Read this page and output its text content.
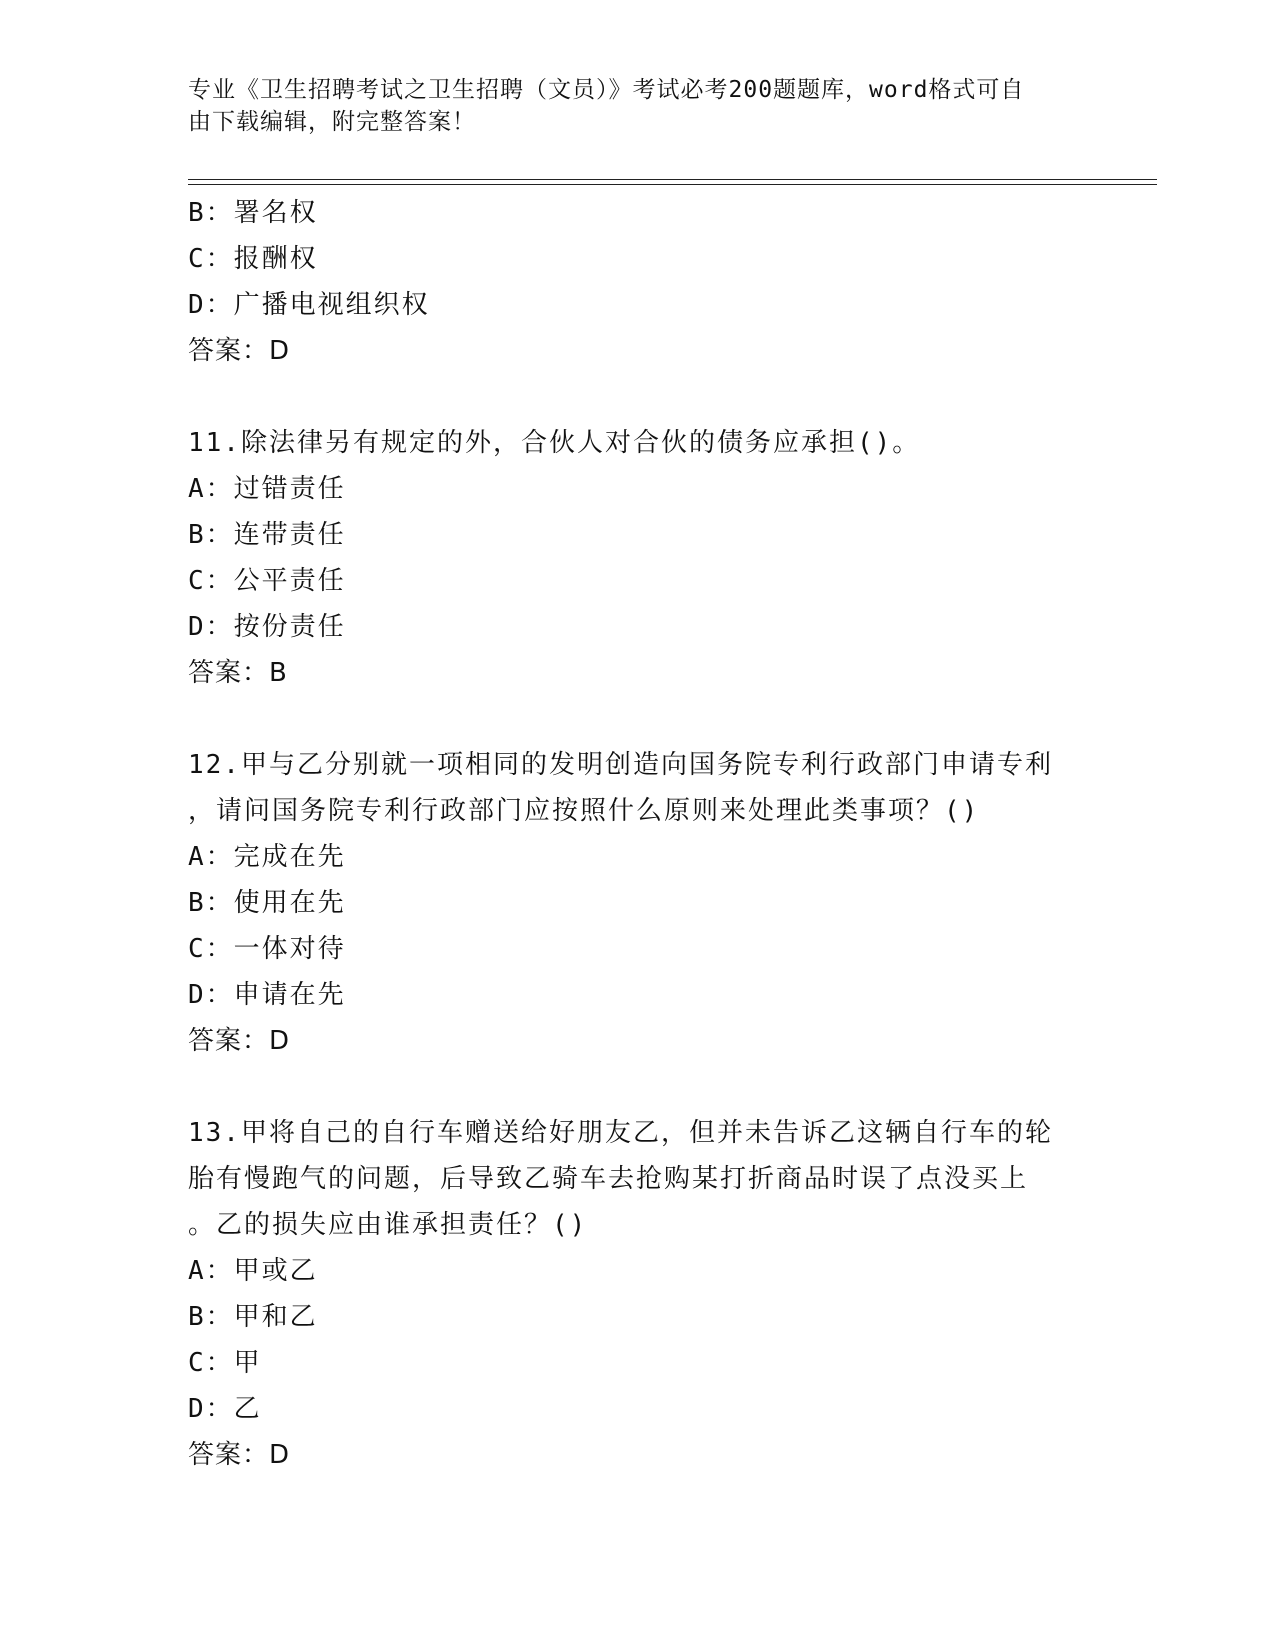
专业《卫生招聘考试之卫生招聘（文员）》考试必考200题题库，word格式可自
由下载编辑，附完整答案！
B：署名权
C：报酬权
D：广播电视组织权
答案：D
11.除法律另有规定的外，合伙人对合伙的债务应承担()。
A：过错责任
B：连带责任
C：公平责任
D：按份责任
答案：B
12.甲与乙分别就一项相同的发明创造向国务院专利行政部门申请专利
，请问国务院专利行政部门应按照什么原则来处理此类事项？()
A：完成在先
B：使用在先
C：一体对待
D：申请在先
答案：D
13.甲将自己的自行车赠送给好朋友乙，但并未告诉乙这辆自行车的轮
胎有慢跑气的问题，后导致乙骑车去抢购某打折商品时误了点没买上
。乙的损失应由谁承担责任？()
A：甲或乙
B：甲和乙
C：甲
D：乙
答案：D
